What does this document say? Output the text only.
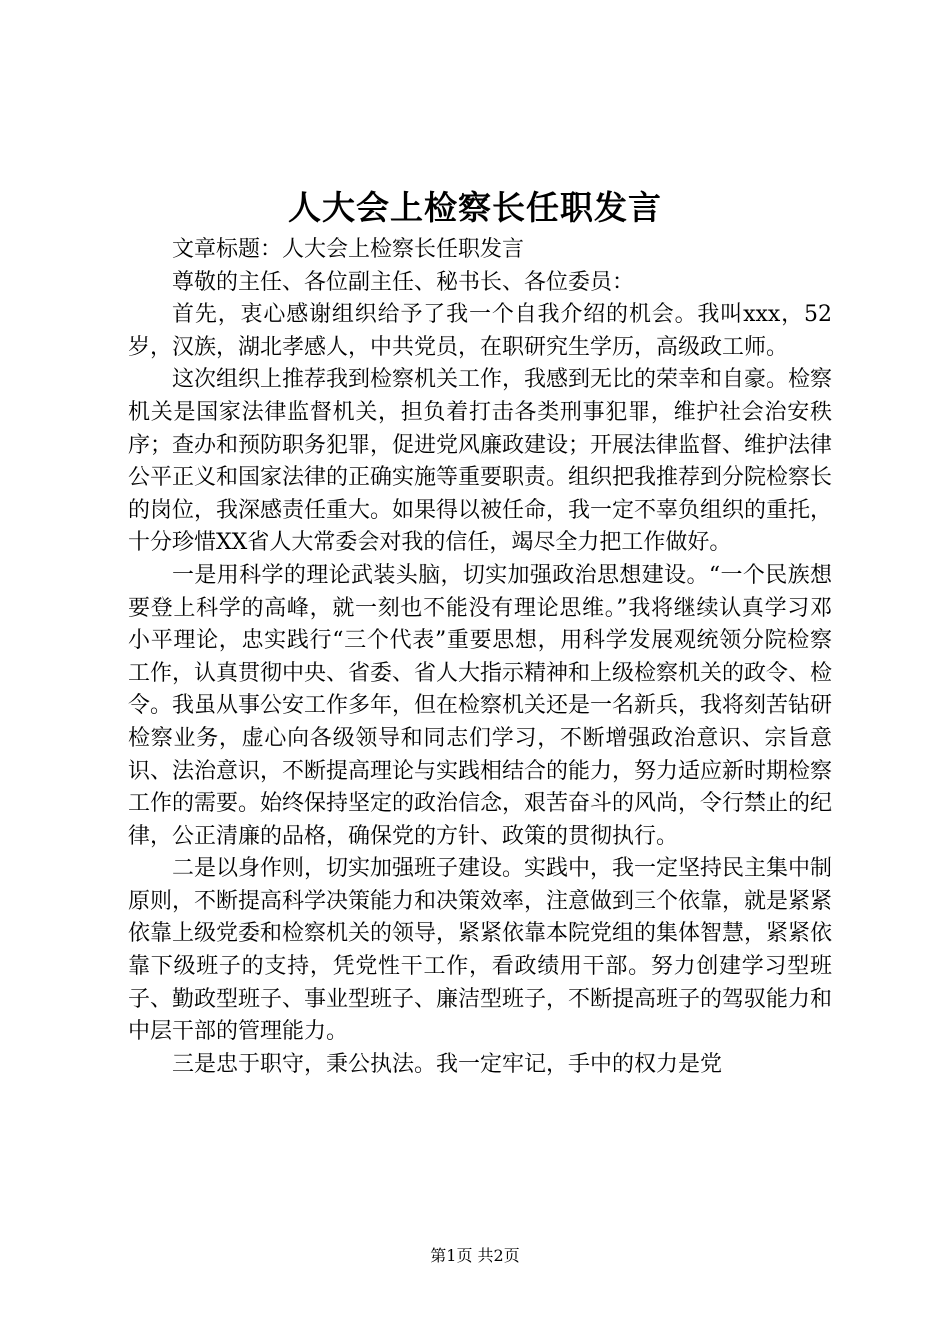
人大会上检察长任职发言

文章标题：人大会上检察长任职发言

尊敬的主任、各位副主任、秘书长、各位委员：

首先，衷心感谢组织给予了我一个自我介绍的机会。我叫xxx，52岁，汉族，湖北孝感人，中共党员，在职研究生学历，高级政工师。

这次组织上推荐我到检察机关工作，我感到无比的荣幸和自豪。检察机关是国家法律监督机关，担负着打击各类刑事犯罪，维护社会治安秩序；查办和预防职务犯罪，促进党风廉政建设；开展法律监督、维护法律公平正义和国家法律的正确实施等重要职责。组织把我推荐到分院检察长的岗位，我深感责任重大。如果得以被任命，我一定不辜负组织的重托，十分珍惜XX省人大常委会对我的信任，竭尽全力把工作做好。

一是用科学的理论武装头脑，切实加强政治思想建设。“一个民族想要登上科学的高峰，就一刻也不能没有理论思维。”我将继续认真学习邓小平理论，忠实践行“三个代表”重要思想，用科学发展观统领分院检察工作，认真贯彻中央、省委、省人大指示精神和上级检察机关的政令、检令。我虽从事公安工作多年，但在检察机关还是一名新兵，我将刻苦钻研检察业务，虚心向各级领导和同志们学习，不断增强政治意识、宗旨意识、法治意识，不断提高理论与实践相结合的能力，努力适应新时期检察工作的需要。始终保持坚定的政治信念，艰苦奋斗的风尚，令行禁止的纪律，公正清廉的品格，确保党的方针、政策的贯彻执行。

二是以身作则，切实加强班子建设。实践中，我一定坚持民主集中制原则，不断提高科学决策能力和决策效率，注意做到三个依靠，就是紧紧依靠上级党委和检察机关的领导，紧紧依靠本院党组的集体智慧，紧紧依靠下级班子的支持，凭党性干工作，看政绩用干部。努力创建学习型班子、勤政型班子、事业型班子、廉洁型班子，不断提高班子的驾驭能力和中层干部的管理能力。

三是忠于职守，秉公执法。我一定牢记，手中的权力是党

第1页 共2页
